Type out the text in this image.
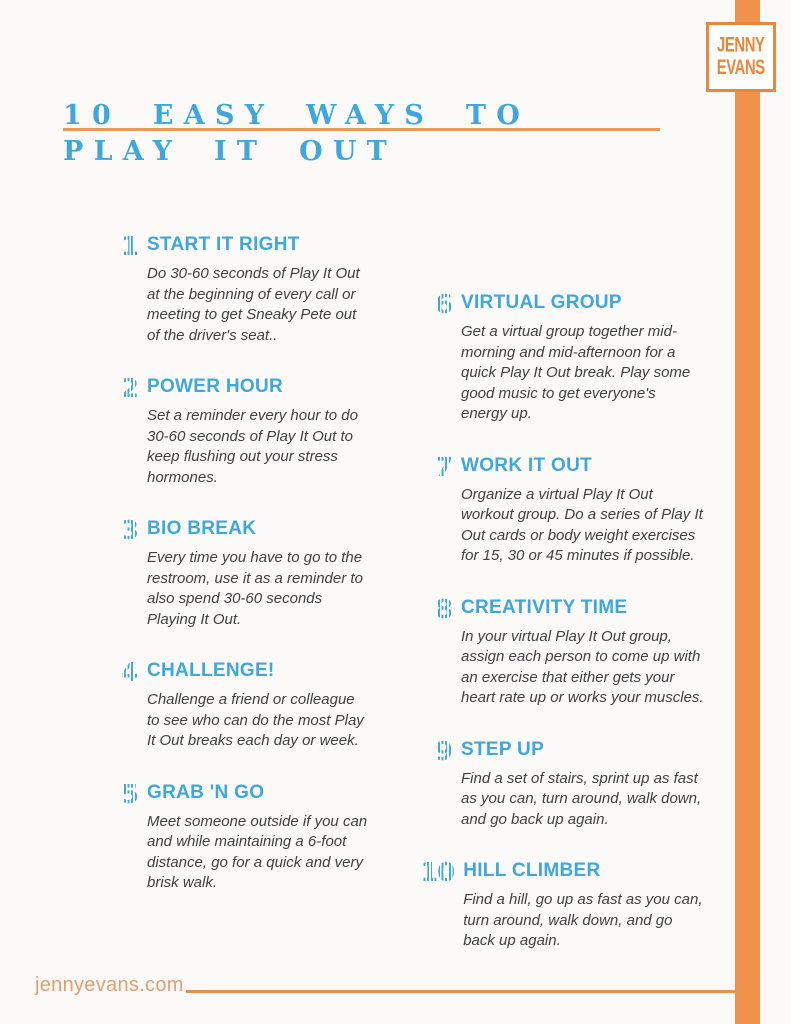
JENNY
EVANS
10 EASY WAYS TO
PLAY IT OUT
1 START IT RIGHT

Do 30-60 seconds of Play It Out at the beginning of every call or meeting to get Sneaky Pete out of the driver's seat..

2 POWER HOUR

Set a reminder every hour to do 30-60 seconds of Play It Out to keep flushing out your stress hormones.

3 BIO BREAK

Every time you have to go to the restroom, use it as a reminder to also spend 30-60 seconds Playing It Out.

4 CHALLENGE!

Challenge a friend or colleague to see who can do the most Play It Out breaks each day or week.

5 GRAB 'N GO

Meet someone outside if you can and while maintaining a 6-foot distance, go for a quick and very brisk walk.

6 VIRTUAL GROUP

Get a virtual group together mid-morning and mid-afternoon for a quick Play It Out break. Play some good music to get everyone's energy up.

7 WORK IT OUT

Organize a virtual Play It Out workout group. Do a series of Play It Out cards or body weight exercises for 15, 30 or 45 minutes if possible.

8 CREATIVITY TIME

In your virtual Play It Out group, assign each person to come up with an exercise that either gets your heart rate up or works your muscles.

9 STEP UP

Find a set of stairs, sprint up as fast as you can, turn around, walk down, and go back up again.

10 HILL CLIMBER

Find a hill, go up as fast as you can, turn around, walk down, and go back up again.

jennyevans.com
